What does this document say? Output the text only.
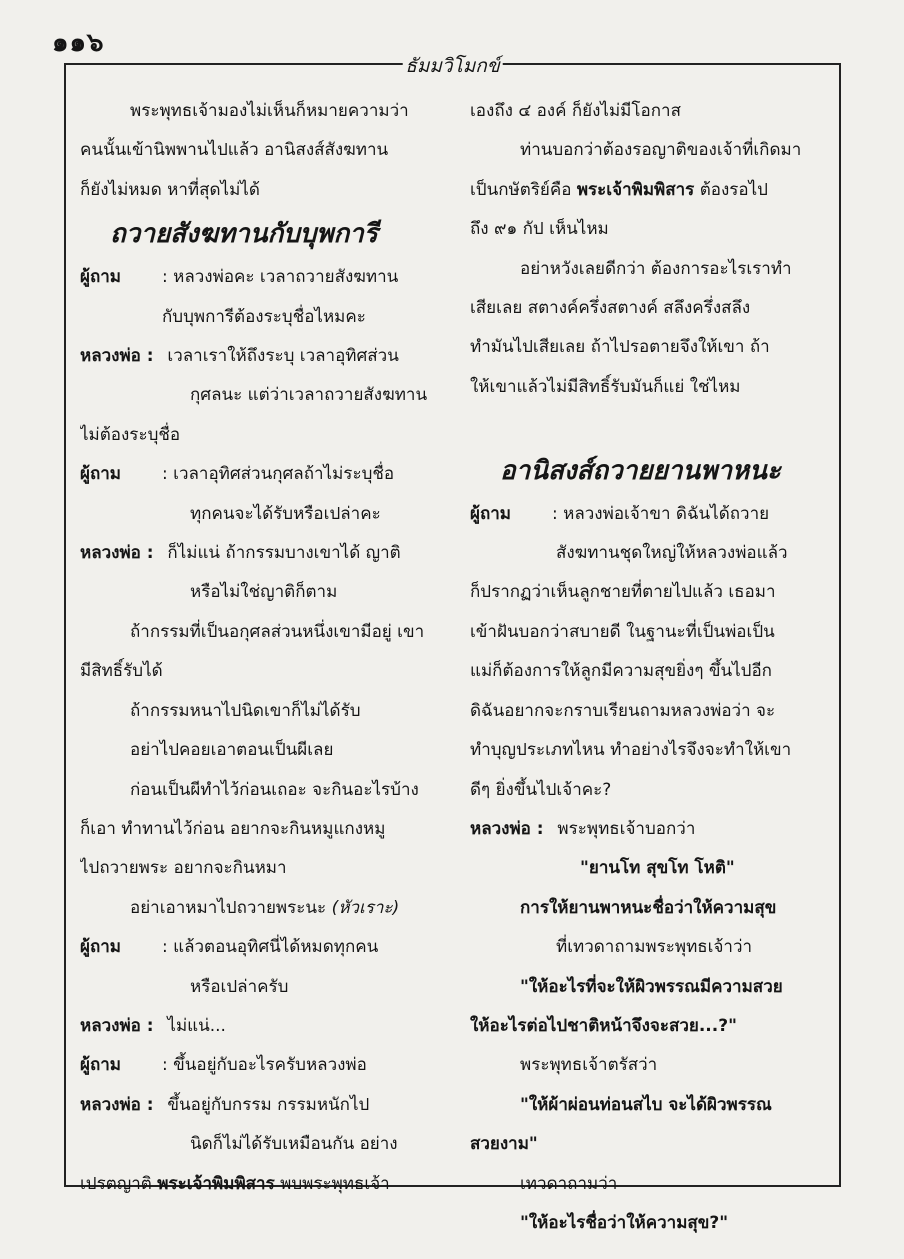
๑๑๖
ธัมมวิโมกข์
พระพุทธเจ้ามองไม่เห็นก็หมายความว่า
คนนั้นเข้านิพพานไปแล้ว อานิสงส์สังฆทาน
ก็ยังไม่หมด หาที่สุดไม่ได้
ถวายสังฆทานกับบุพการี
ผู้ถาม : หลวงพ่อคะ เวลาถวายสังฆทาน
กับบุพการีต้องระบุชื่อไหมคะ
หลวงพ่อ : เวลาเราให้ถึงระบุ เวลาอุทิศส่วน
กุศลนะ แต่ว่าเวลาถวายสังฆทาน
ไม่ต้องระบุชื่อ
ผู้ถาม : เวลาอุทิศส่วนกุศลถ้าไม่ระบุชื่อ
ทุกคนจะได้รับหรือเปล่าคะ
หลวงพ่อ : ก็ไม่แน่ ถ้ากรรมบางเขาได้ ญาติ
หรือไม่ใช่ญาติก็ตาม
ถ้ากรรมที่เป็นอกุศลส่วนหนึ่งเขามีอยู่ เขา
มีสิทธิ์รับได้
ถ้ากรรมหนาไปนิดเขาก็ไม่ได้รับ
อย่าไปคอยเอาตอนเป็นผีเลย
ก่อนเป็นผีทำไว้ก่อนเถอะ จะกินอะไรบ้าง
ก็เอา ทำทานไว้ก่อน อยากจะกินหมูแกงหมู
ไปถวายพระ อยากจะกินหมา
อย่าเอาหมาไปถวายพระนะ (หัวเราะ)
ผู้ถาม : แล้วตอนอุทิศนี่ได้หมดทุกคน
หรือเปล่าครับ
หลวงพ่อ : ไม่แน่...
ผู้ถาม : ขึ้นอยู่กับอะไรครับหลวงพ่อ
หลวงพ่อ : ขึ้นอยู่กับกรรม กรรมหนักไป
นิดก็ไม่ได้รับเหมือนกัน อย่าง
เปรตญาติ พระเจ้าพิมพิสาร พบพระพุทธเจ้า
เองถึง ๔ องค์ ก็ยังไม่มีโอกาส
ท่านบอกว่าต้องรอญาติของเจ้าที่เกิดมา
เป็นกษัตริย์คือ พระเจ้าพิมพิสาร ต้องรอไป
ถึง ๙๑ กัป เห็นไหม
อย่าหวังเลยดีกว่า ต้องการอะไรเราทำ
เสียเลย สตางค์ครึ่งสตางค์ สลึงครึ่งสลึง
ทำมันไปเสียเลย ถ้าไปรอตายจึงให้เขา ถ้า
ให้เขาแล้วไม่มีสิทธิ์รับมันก็แย่ ใช่ไหม

อานิสงส์ถวายยานพาหนะ
ผู้ถาม : หลวงพ่อเจ้าขา ดิฉันได้ถวาย
สังฆทานชุดใหญ่ให้หลวงพ่อแล้ว
ก็ปรากฏว่าเห็นลูกชายที่ตายไปแล้ว เธอมา
เข้าฝันบอกว่าสบายดี ในฐานะที่เป็นพ่อเป็น
แม่ก็ต้องการให้ลูกมีความสุขยิ่งๆ ขึ้นไปอีก
ดิฉันอยากจะกราบเรียนถามหลวงพ่อว่า จะ
ทำบุญประเภทไหน ทำอย่างไรจึงจะทำให้เขา
ดีๆ ยิ่งขึ้นไปเจ้าคะ?
หลวงพ่อ : พระพุทธเจ้าบอกว่า
"ยานโท สุขโท โหติ"
การให้ยานพาหนะชื่อว่าให้ความสุข
ที่เทวดาถามพระพุทธเจ้าว่า
"ให้อะไรที่จะให้ผิวพรรณมีความสวย
ให้อะไรต่อไปชาติหน้าจึงจะสวย...?"
พระพุทธเจ้าตรัสว่า
"ให้ผ้าผ่อนท่อนสไบ จะได้ผิวพรรณ
สวยงาม"
เทวดาถามว่า
"ให้อะไรชื่อว่าให้ความสุข?"
